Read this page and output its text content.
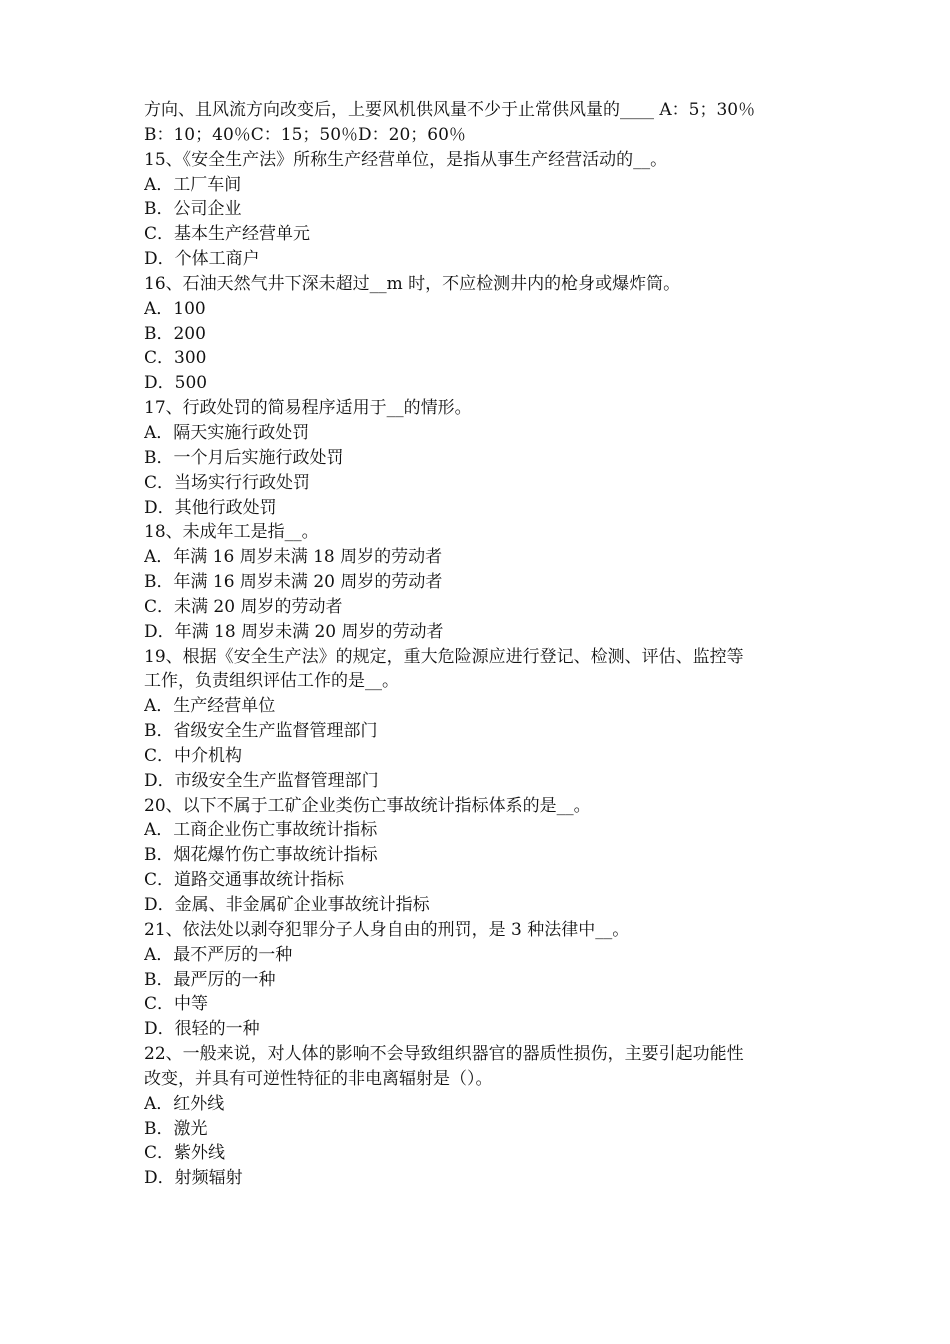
方向、且风流方向改变后，上要风机供风量不少于止常供风量的____ A：5；30％
B：10；40％C：15；50％D：20；60％
15、《安全生产法》所称生产经营单位，是指从事生产经营活动的__。
A．工厂车间
B．公司企业
C．基本生产经营单元
D．个体工商户
16、石油天然气井下深未超过__m 时，不应检测井内的枪身或爆炸筒。
A．100
B．200
C．300
D．500
17、行政处罚的简易程序适用于__的情形。
A．隔天实施行政处罚
B．一个月后实施行政处罚
C．当场实行行政处罚
D．其他行政处罚
18、未成年工是指__。
A．年满 16 周岁未满 18 周岁的劳动者
B．年满 16 周岁未满 20 周岁的劳动者
C．未满 20 周岁的劳动者
D．年满 18 周岁未满 20 周岁的劳动者
19、根据《安全生产法》的规定，重大危险源应进行登记、检测、评估、监控等
工作，负责组织评估工作的是__。
A．生产经营单位
B．省级安全生产监督管理部门
C．中介机构
D．市级安全生产监督管理部门
20、以下不属于工矿企业类伤亡事故统计指标体系的是__。
A．工商企业伤亡事故统计指标
B．烟花爆竹伤亡事故统计指标
C．道路交通事故统计指标
D．金属、非金属矿企业事故统计指标
21、依法处以剥夺犯罪分子人身自由的刑罚，是 3 种法律中__。
A．最不严厉的一种
B．最严厉的一种
C．中等
D．很轻的一种
22、一般来说，对人体的影响不会导致组织器官的器质性损伤，主要引起功能性
改变，并具有可逆性特征的非电离辐射是（）。
A．红外线
B．激光
C．紫外线
D．射频辐射
